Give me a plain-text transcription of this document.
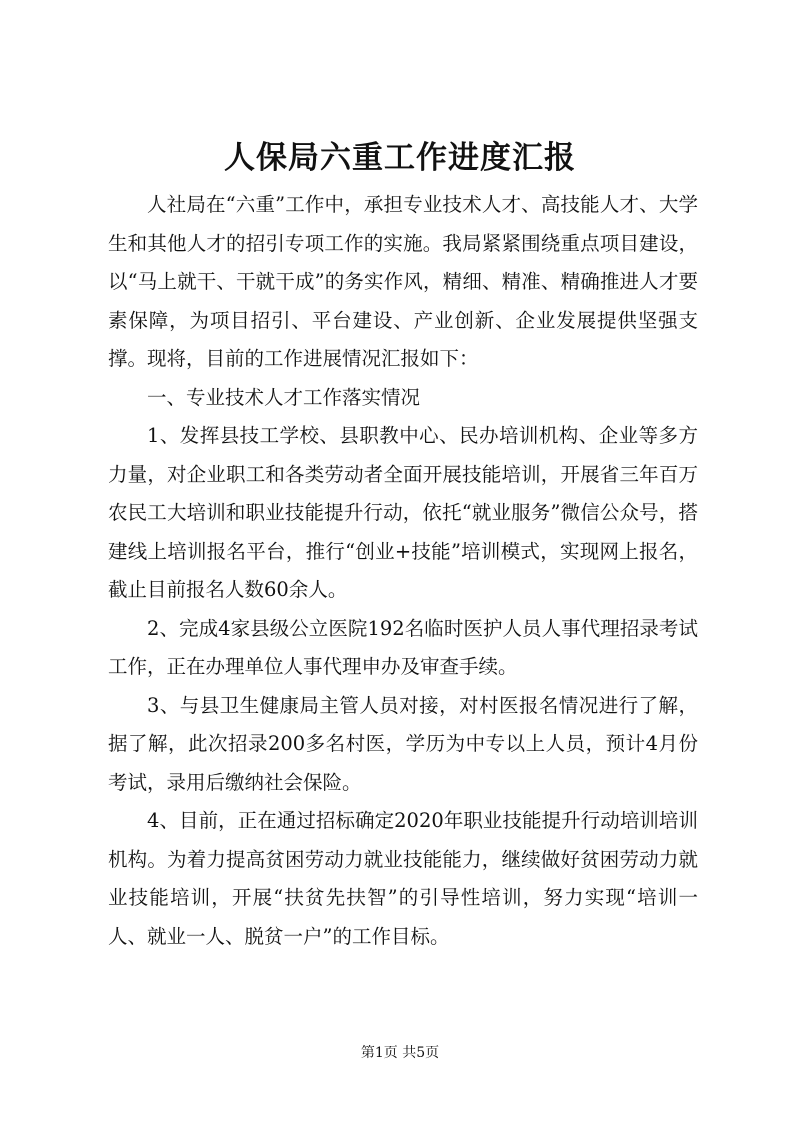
人保局六重工作进度汇报

人社局在“六重”工作中，承担专业技术人才、高技能人才、大学生和其他人才的招引专项工作的实施。我局紧紧围绕重点项目建设，以“马上就干、干就干成”的务实作风，精细、精准、精确推进人才要素保障，为项目招引、平台建设、产业创新、企业发展提供坚强支撑。现将，目前的工作进展情况汇报如下：

一、专业技术人才工作落实情况

1、发挥县技工学校、县职教中心、民办培训机构、企业等多方力量，对企业职工和各类劳动者全面开展技能培训，开展省三年百万农民工大培训和职业技能提升行动，依托“就业服务”微信公众号，搭建线上培训报名平台，推行“创业+技能”培训模式，实现网上报名，截止目前报名人数60余人。

2、完成4家县级公立医院192名临时医护人员人事代理招录考试工作，正在办理单位人事代理申办及审查手续。

3、与县卫生健康局主管人员对接，对村医报名情况进行了解，据了解，此次招录200多名村医，学历为中专以上人员，预计4月份考试，录用后缴纳社会保险。

4、目前，正在通过招标确定2020年职业技能提升行动培训培训机构。为着力提高贫困劳动力就业技能能力，继续做好贫困劳动力就业技能培训，开展“扶贫先扶智”的引导性培训，努力实现“培训一人、就业一人、脱贫一户”的工作目标。

第1页 共5页
